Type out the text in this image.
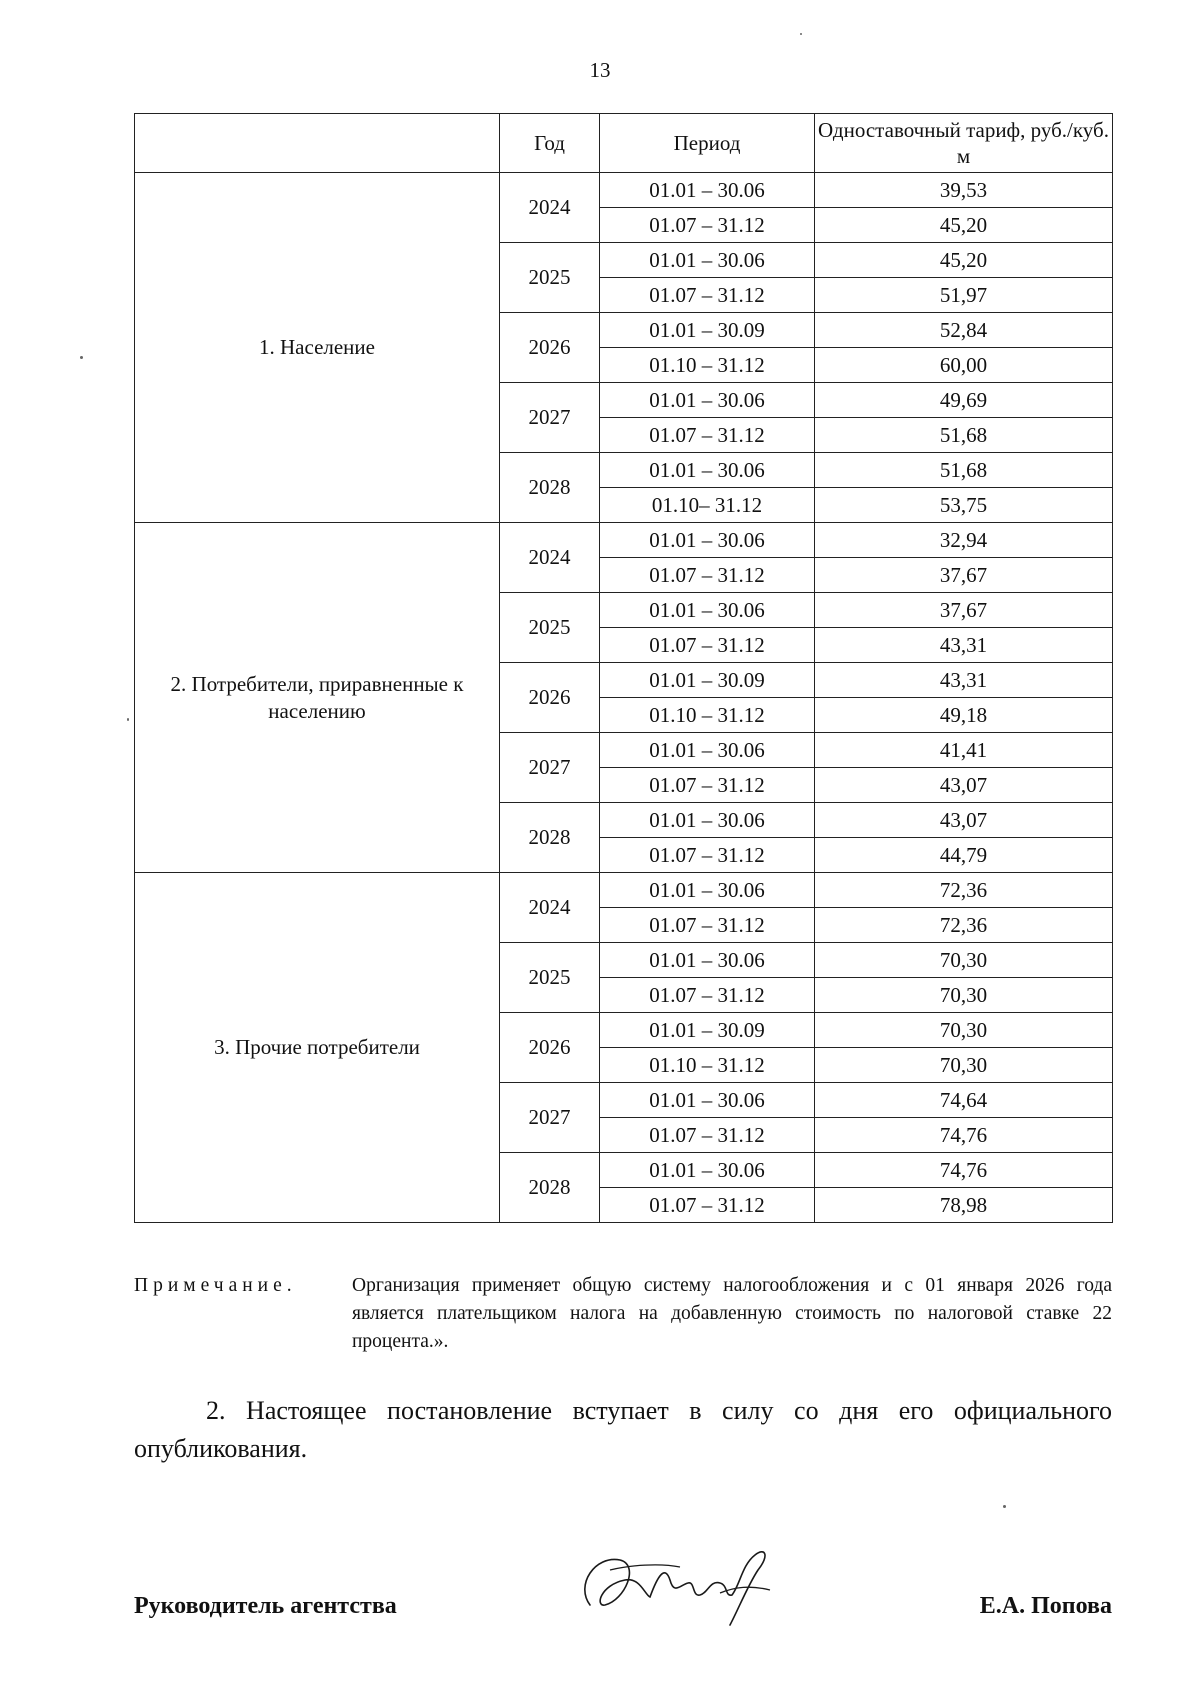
13
	Год	Период	Одноставочный тариф, руб./куб. м
1. Население	2024	01.01 – 30.06	39,53
		01.07 – 31.12	45,20
	2025	01.01 – 30.06	45,20
		01.07 – 31.12	51,97
	2026	01.01 – 30.09	52,84
		01.10 – 31.12	60,00
	2027	01.01 – 30.06	49,69
		01.07 – 31.12	51,68
	2028	01.01 – 30.06	51,68
		01.10– 31.12	53,75
2. Потребители, приравненные к населению	2024	01.01 – 30.06	32,94
		01.07 – 31.12	37,67
	2025	01.01 – 30.06	37,67
		01.07 – 31.12	43,31
	2026	01.01 – 30.09	43,31
		01.10 – 31.12	49,18
	2027	01.01 – 30.06	41,41
		01.07 – 31.12	43,07
	2028	01.01 – 30.06	43,07
		01.07 – 31.12	44,79
3. Прочие потребители	2024	01.01 – 30.06	72,36
		01.07 – 31.12	72,36
	2025	01.01 – 30.06	70,30
		01.07 – 31.12	70,30
	2026	01.01 – 30.09	70,30
		01.10 – 31.12	70,30
	2027	01.01 – 30.06	74,64
		01.07 – 31.12	74,76
	2028	01.01 – 30.06	74,76
		01.07 – 31.12	78,98
Примечание.	Организация применяет общую систему налогообложения и с 01 января 2026 года является плательщиком налога на добавленную стоимость по налоговой ставке 22 процента.».
2. Настоящее постановление вступает в силу со дня его официального опубликования.
Руководитель агентства	Е.А. Попова
